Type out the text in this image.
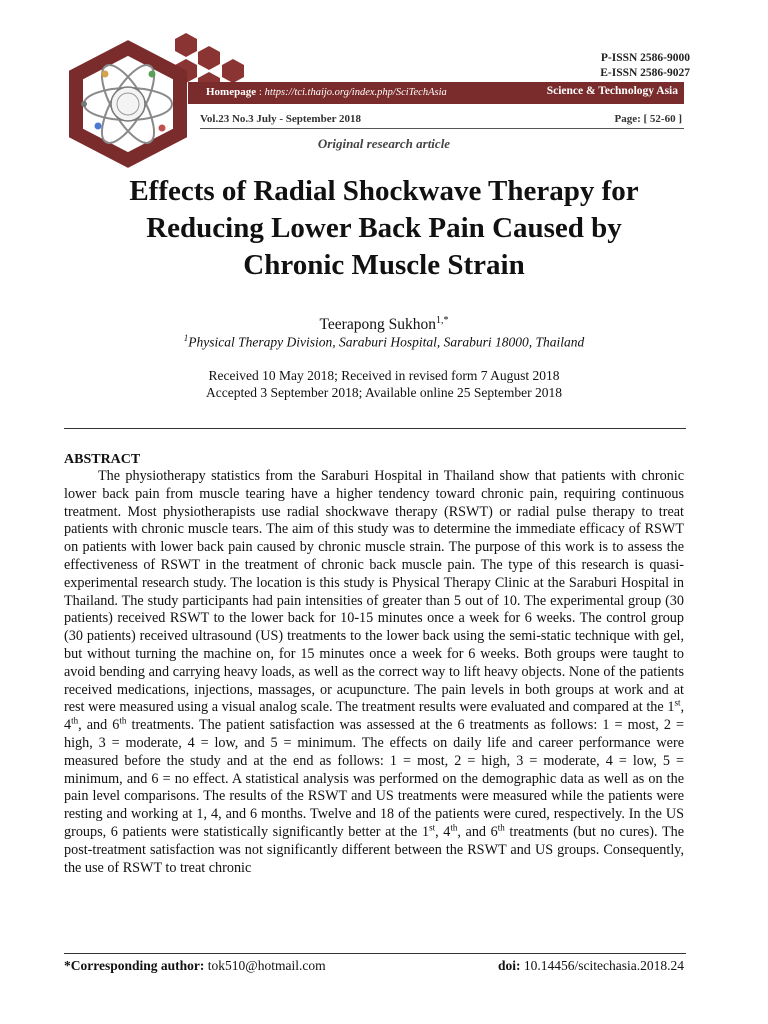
P-ISSN 2586-9000
E-ISSN 2586-9027
Homepage : https://tci.thaijo.org/index.php/SciTechAsia	Science & Technology Asia
Vol.23 No.3 July - September 2018	Page: [ 52-60 ]
Original research article
Effects of Radial Shockwave Therapy for
Reducing Lower Back Pain Caused by
Chronic Muscle Strain
Teerapong Sukhon$^{1,*}$
$^1$Physical Therapy Division, Saraburi Hospital, Saraburi 18000, Thailand
Received 10 May 2018; Received in revised form 7 August 2018
Accepted 3 September 2018; Available online 25 September 2018
ABSTRACT

The physiotherapy statistics from the Saraburi Hospital in Thailand show that patients with chronic lower back pain from muscle tearing have a higher tendency toward chronic pain, requiring continuous treatment. Most physiotherapists use radial shockwave therapy (RSWT) or radial pulse therapy to treat patients with chronic muscle tears. The aim of this study was to determine the immediate efficacy of RSWT on patients with lower back pain caused by chronic muscle strain. The purpose of this work is to assess the effectiveness of RSWT in the treatment of chronic back muscle pain. The type of this research is quasi-experimental research study. The location is this study is Physical Therapy Clinic at the Saraburi Hospital in Thailand. The study participants had pain intensities of greater than 5 out of 10. The experimental group (30 patients) received RSWT to the lower back for 10-15 minutes once a week for 6 weeks. The control group (30 patients) received ultrasound (US) treatments to the lower back using the semi-static technique with gel, but without turning the machine on, for 15 minutes once a week for 6 weeks. Both groups were taught to avoid bending and carrying heavy loads, as well as the correct way to lift heavy objects. None of the patients received medications, injections, massages, or acupuncture. The pain levels in both groups at work and at rest were measured using a visual analog scale. The treatment results were evaluated and compared at the 1st, 4th, and 6th treatments. The patient satisfaction was assessed at the 6 treatments as follows: 1 = most, 2 = high, 3 = moderate, 4 = low, and 5 = minimum. The effects on daily life and career performance were measured before the study and at the end as follows: 1 = most, 2 = high, 3 = moderate, 4 = low, 5 = minimum, and 6 = no effect. A statistical analysis was performed on the demographic data as well as on the pain level comparisons. The results of the RSWT and US treatments were measured while the patients were resting and working at 1, 4, and 6 months. Twelve and 18 of the patients were cured, respectively. In the US groups, 6 patients were statistically significantly better at the 1st, 4th, and 6th treatments (but no cures). The post-treatment satisfaction was not significantly different between the RSWT and US groups. Consequently, the use of RSWT to treat chronic

*Corresponding author: tok510@hotmail.com	doi: 10.14456/scitechasia.2018.24
